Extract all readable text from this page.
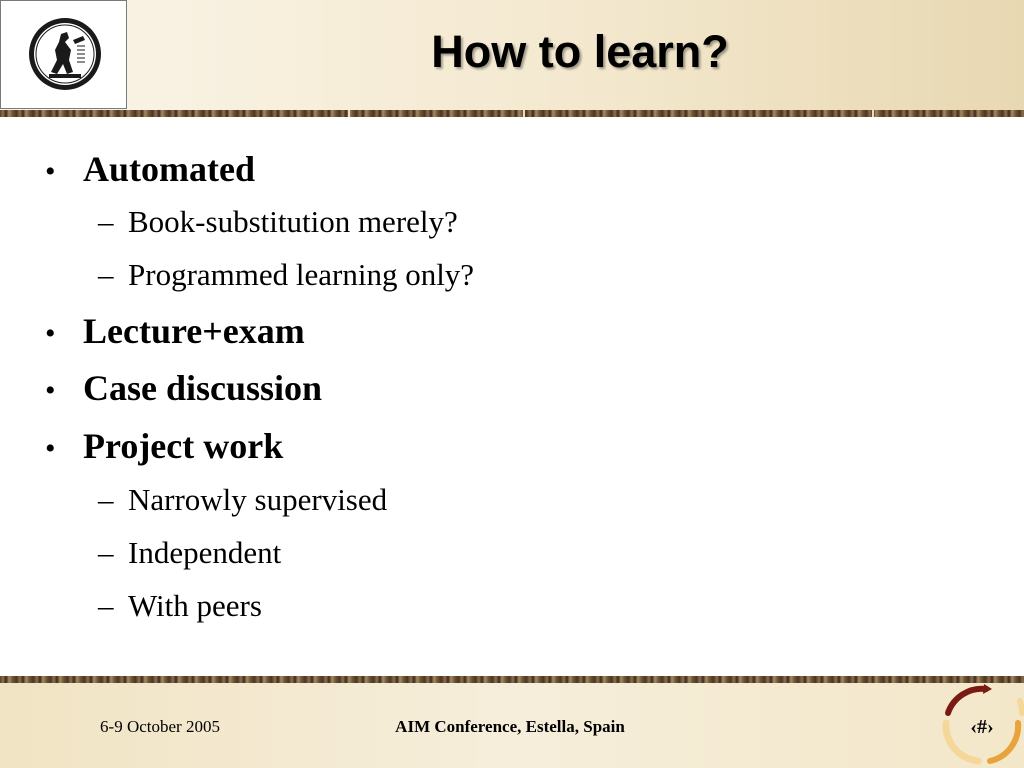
How to learn?
• Automated
– Book-substitution merely?
– Programmed learning only?
• Lecture+exam
• Case discussion
• Project work
– Narrowly supervised
– Independent
– With peers
6-9 October 2005	AIM Conference, Estella, Spain	‹#›
